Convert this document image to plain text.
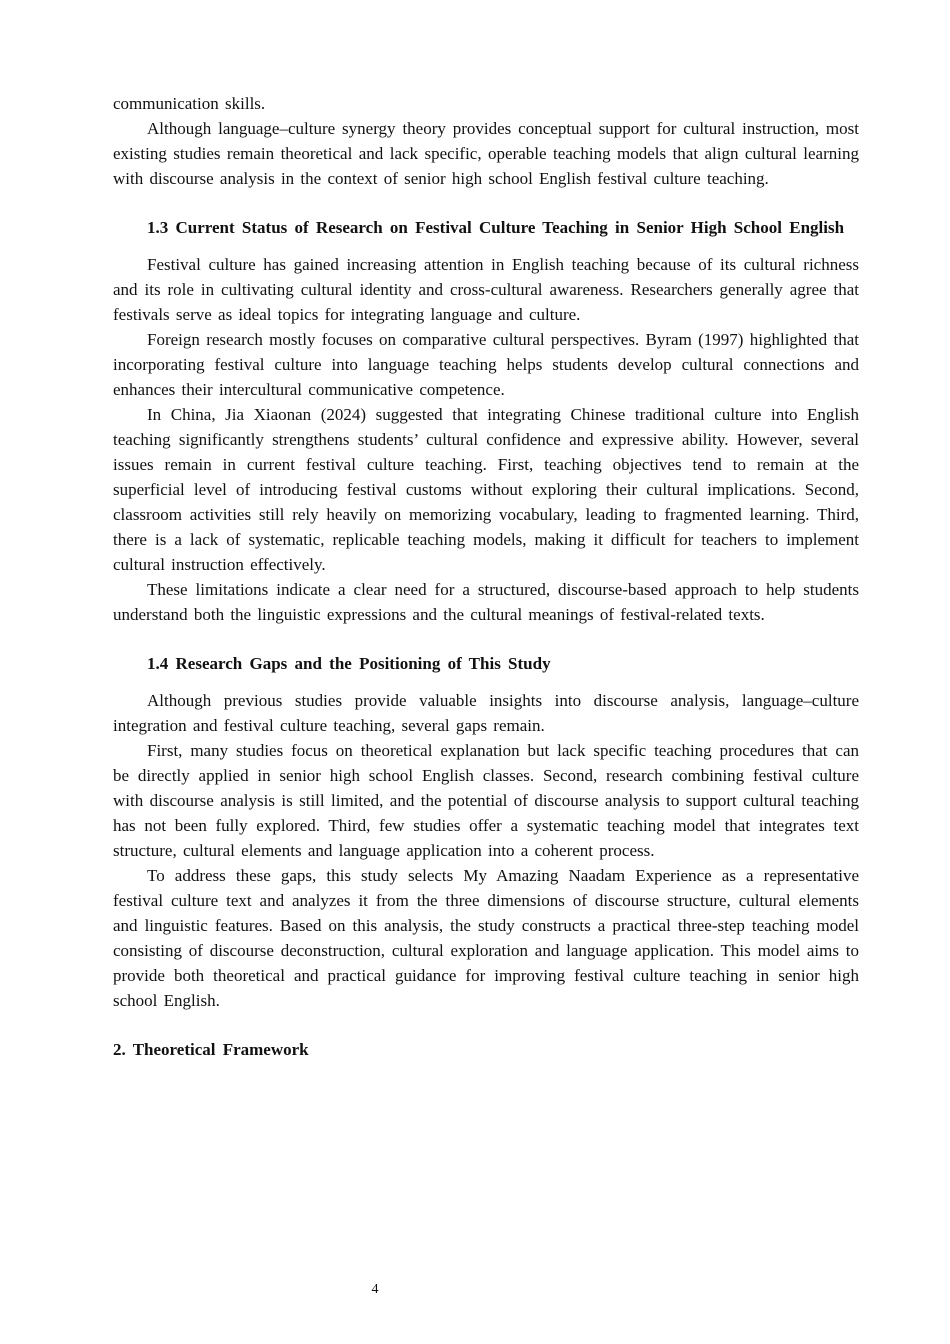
communication skills.

Although language–culture synergy theory provides conceptual support for cultural instruction, most existing studies remain theoretical and lack specific, operable teaching models that align cultural learning with discourse analysis in the context of senior high school English festival culture teaching.

1.3 Current Status of Research on Festival Culture Teaching in Senior High School English

Festival culture has gained increasing attention in English teaching because of its cultural richness and its role in cultivating cultural identity and cross-cultural awareness. Researchers generally agree that festivals serve as ideal topics for integrating language and culture.

Foreign research mostly focuses on comparative cultural perspectives. Byram (1997) highlighted that incorporating festival culture into language teaching helps students develop cultural connections and enhances their intercultural communicative competence.

In China, Jia Xiaonan (2024) suggested that integrating Chinese traditional culture into English teaching significantly strengthens students’ cultural confidence and expressive ability. However, several issues remain in current festival culture teaching. First, teaching objectives tend to remain at the superficial level of introducing festival customs without exploring their cultural implications. Second, classroom activities still rely heavily on memorizing vocabulary, leading to fragmented learning. Third, there is a lack of systematic, replicable teaching models, making it difficult for teachers to implement cultural instruction effectively.

These limitations indicate a clear need for a structured, discourse-based approach to help students understand both the linguistic expressions and the cultural meanings of festival-related texts.

1.4 Research Gaps and the Positioning of This Study

Although previous studies provide valuable insights into discourse analysis, language–culture integration and festival culture teaching, several gaps remain.

First, many studies focus on theoretical explanation but lack specific teaching procedures that can be directly applied in senior high school English classes. Second, research combining festival culture with discourse analysis is still limited, and the potential of discourse analysis to support cultural teaching has not been fully explored. Third, few studies offer a systematic teaching model that integrates text structure, cultural elements and language application into a coherent process.

To address these gaps, this study selects My Amazing Naadam Experience as a representative festival culture text and analyzes it from the three dimensions of discourse structure, cultural elements and linguistic features. Based on this analysis, the study constructs a practical three-step teaching model consisting of discourse deconstruction, cultural exploration and language application. This model aims to provide both theoretical and practical guidance for improving festival culture teaching in senior high school English.

2. Theoretical Framework

4
